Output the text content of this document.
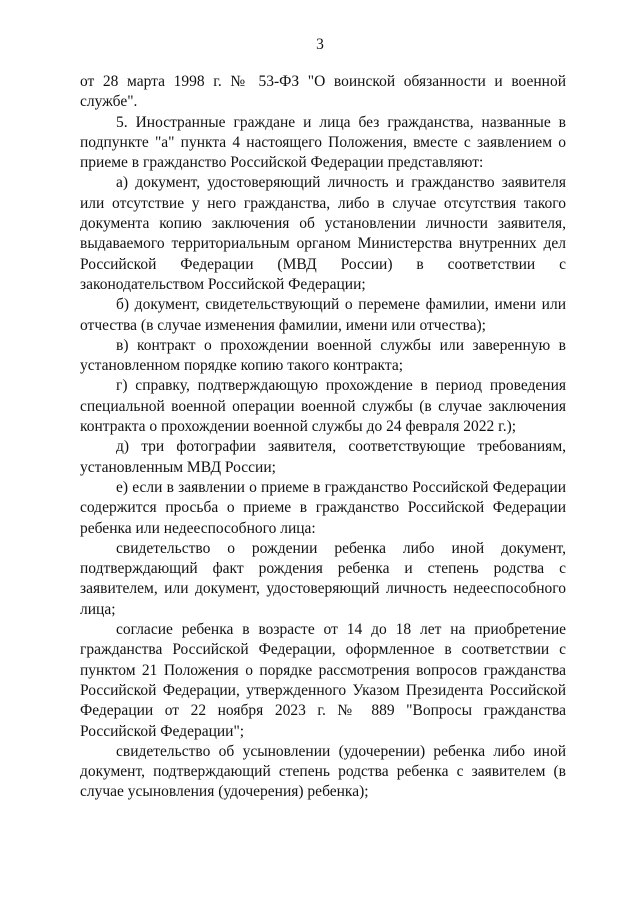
3

от 28 марта 1998 г. № 53-ФЗ "О воинской обязанности и военной службе".

5. Иностранные граждане и лица без гражданства, названные в подпункте "а" пункта 4 настоящего Положения, вместе с заявлением о приеме в гражданство Российской Федерации представляют:

а) документ, удостоверяющий личность и гражданство заявителя или отсутствие у него гражданства, либо в случае отсутствия такого документа копию заключения об установлении личности заявителя, выдаваемого территориальным органом Министерства внутренних дел Российской Федерации (МВД России) в соответствии с законодательством Российской Федерации;

б) документ, свидетельствующий о перемене фамилии, имени или отчества (в случае изменения фамилии, имени или отчества);

в) контракт о прохождении военной службы или заверенную в установленном порядке копию такого контракта;

г) справку, подтверждающую прохождение в период проведения специальной военной операции военной службы (в случае заключения контракта о прохождении военной службы до 24 февраля 2022 г.);

д) три фотографии заявителя, соответствующие требованиям, установленным МВД России;

е) если в заявлении о приеме в гражданство Российской Федерации содержится просьба о приеме в гражданство Российской Федерации ребенка или недееспособного лица:

свидетельство о рождении ребенка либо иной документ, подтверждающий факт рождения ребенка и степень родства с заявителем, или документ, удостоверяющий личность недееспособного лица;

согласие ребенка в возрасте от 14 до 18 лет на приобретение гражданства Российской Федерации, оформленное в соответствии с пунктом 21 Положения о порядке рассмотрения вопросов гражданства Российской Федерации, утвержденного Указом Президента Российской Федерации от 22 ноября 2023 г. № 889 "Вопросы гражданства Российской Федерации";

свидетельство об усыновлении (удочерении) ребенка либо иной документ, подтверждающий степень родства ребенка с заявителем (в случае усыновления (удочерения) ребенка);
